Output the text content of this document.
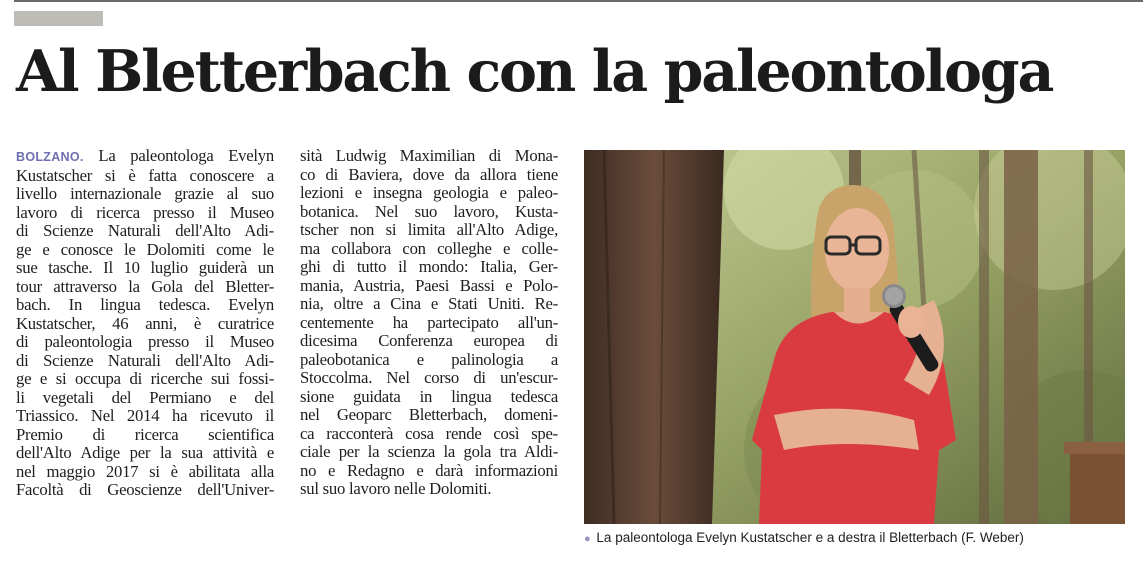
Al Bletterbach con la paleontologa
BOLZANO. La paleontologa Evelyn
Kustatscher si è fatta conoscere a
livello internazionale grazie al suo
lavoro di ricerca presso il Museo
di Scienze Naturali dell'Alto Adi-
ge e conosce le Dolomiti come le
sue tasche. Il 10 luglio guiderà un
tour attraverso la Gola del Bletter-
bach. In lingua tedesca. Evelyn
Kustatscher, 46 anni, è curatrice
di paleontologia presso il Museo
di Scienze Naturali dell'Alto Adi-
ge e si occupa di ricerche sui fossi-
li vegetali del Permiano e del
Triassico. Nel 2014 ha ricevuto il
Premio di ricerca scientifica
dell'Alto Adige per la sua attività e
nel maggio 2017 si è abilitata alla
Facoltà di Geoscienze dell'Univer-
sità Ludwig Maximilian di Mona-
co di Baviera, dove da allora tiene
lezioni e insegna geologia e paleo-
botanica. Nel suo lavoro, Kusta-
tscher non si limita all'Alto Adige,
ma collabora con colleghe e colle-
ghi di tutto il mondo: Italia, Ger-
mania, Austria, Paesi Bassi e Polo-
nia, oltre a Cina e Stati Uniti. Re-
centemente ha partecipato all'un-
dicesima Conferenza europea di
paleobotanica e palinologia a
Stoccolma. Nel corso di un'escur-
sione guidata in lingua tedesca
nel Geoparc Bletterbach, domeni-
ca racconterà cosa rende così spe-
ciale per la scienza la gola tra Aldi-
no e Redagno e darà informazioni
sul suo lavoro nelle Dolomiti.
● La paleontologa Evelyn Kustatscher e a destra il Bletterbach (F. Weber)
